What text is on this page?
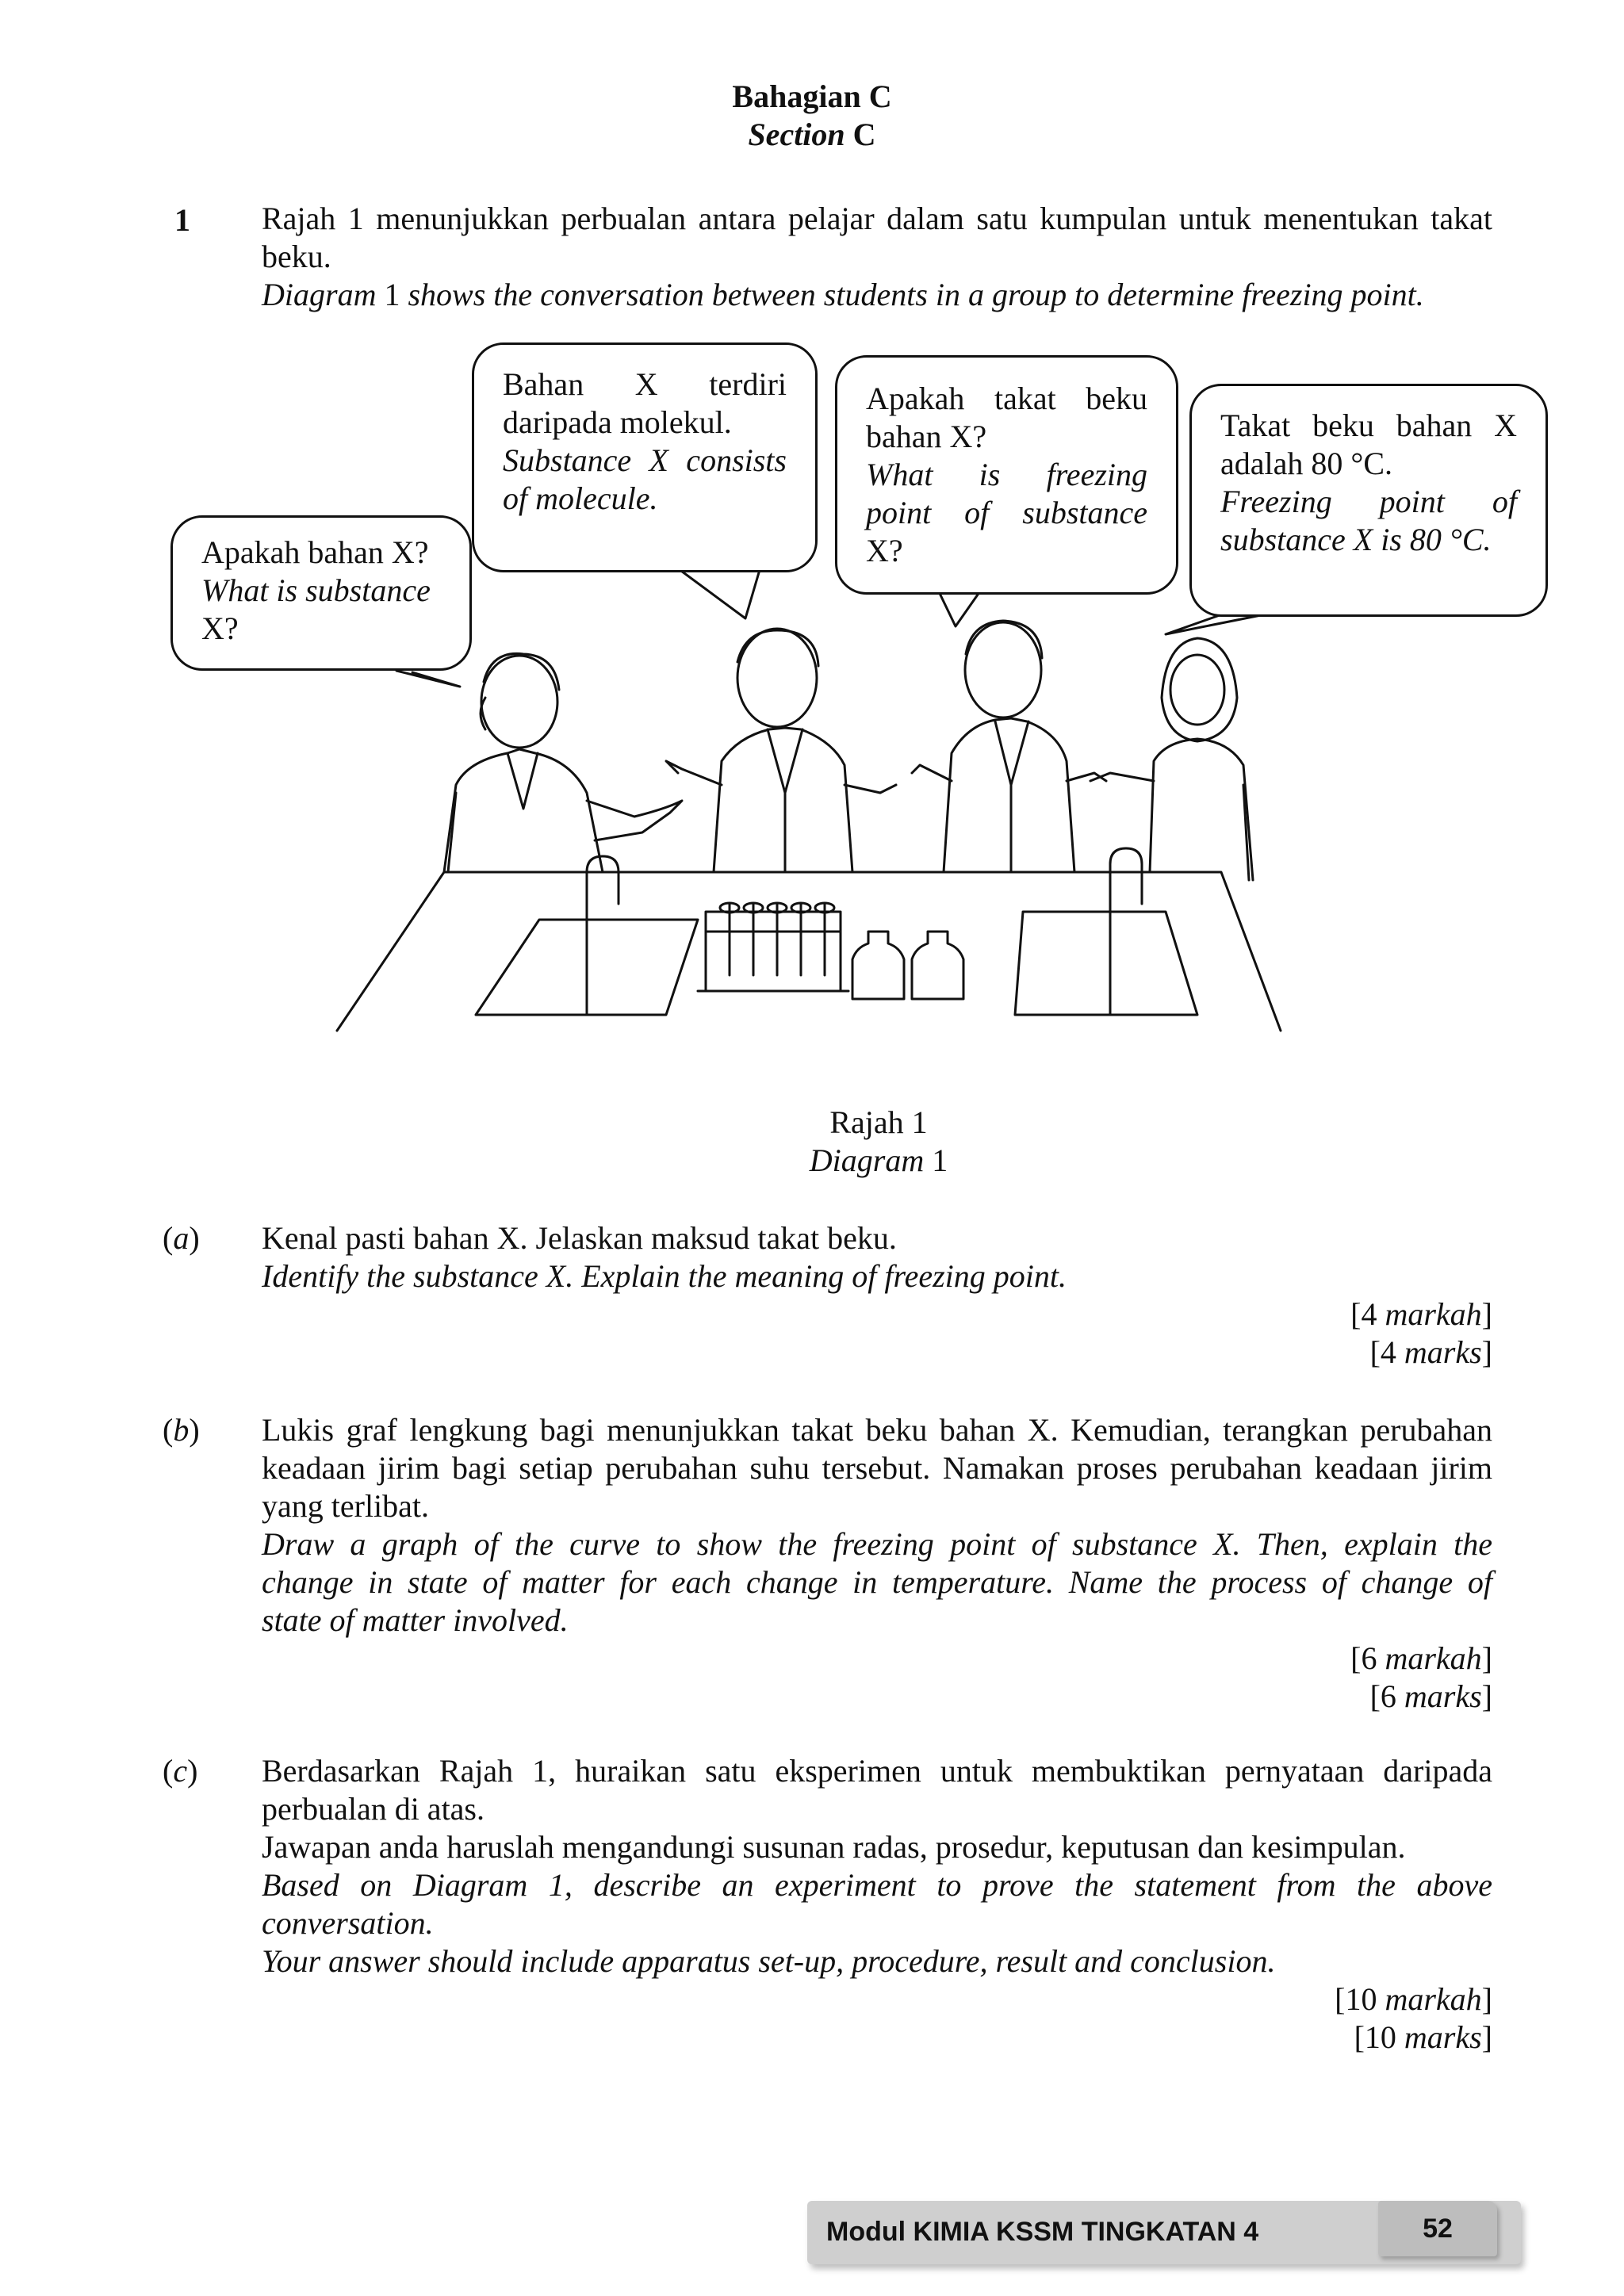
Bahagian C
Section C
1 Rajah 1 menunjukkan perbualan antara pelajar dalam satu kumpulan untuk menentukan takat
beku.
Diagram 1 shows the conversation between students in a group to determine freezing point.
Apakah bahan X?
What is substance
X?
Bahan X terdiri
daripada molekul.
Substance X consists
of molecule.
Apakah takat beku
bahan X?
What is freezing
point of substance
X?
Takat beku bahan X
adalah 80 °C.
Freezing point of
substance X is 80 °C.
Rajah 1
Diagram 1
(a) Kenal pasti bahan X. Jelaskan maksud takat beku.
Identify the substance X. Explain the meaning of freezing point.
[4 markah]
[4 marks]
(b) Lukis graf lengkung bagi menunjukkan takat beku bahan X. Kemudian, terangkan perubahan
keadaan jirim bagi setiap perubahan suhu tersebut. Namakan proses perubahan keadaan jirim
yang terlibat.
Draw a graph of the curve to show the freezing point of substance X. Then, explain the
change in state of matter for each change in temperature. Name the process of change of
state of matter involved.
[6 markah]
[6 marks]
(c) Berdasarkan Rajah 1, huraikan satu eksperimen untuk membuktikan pernyataan daripada
perbualan di atas.
Jawapan anda haruslah mengandungi susunan radas, prosedur, keputusan dan kesimpulan.
Based on Diagram 1, describe an experiment to prove the statement from the above
conversation.
Your answer should include apparatus set-up, procedure, result and conclusion.
[10 markah]
[10 marks]
Modul KIMIA KSSM TINGKATAN 4	52
